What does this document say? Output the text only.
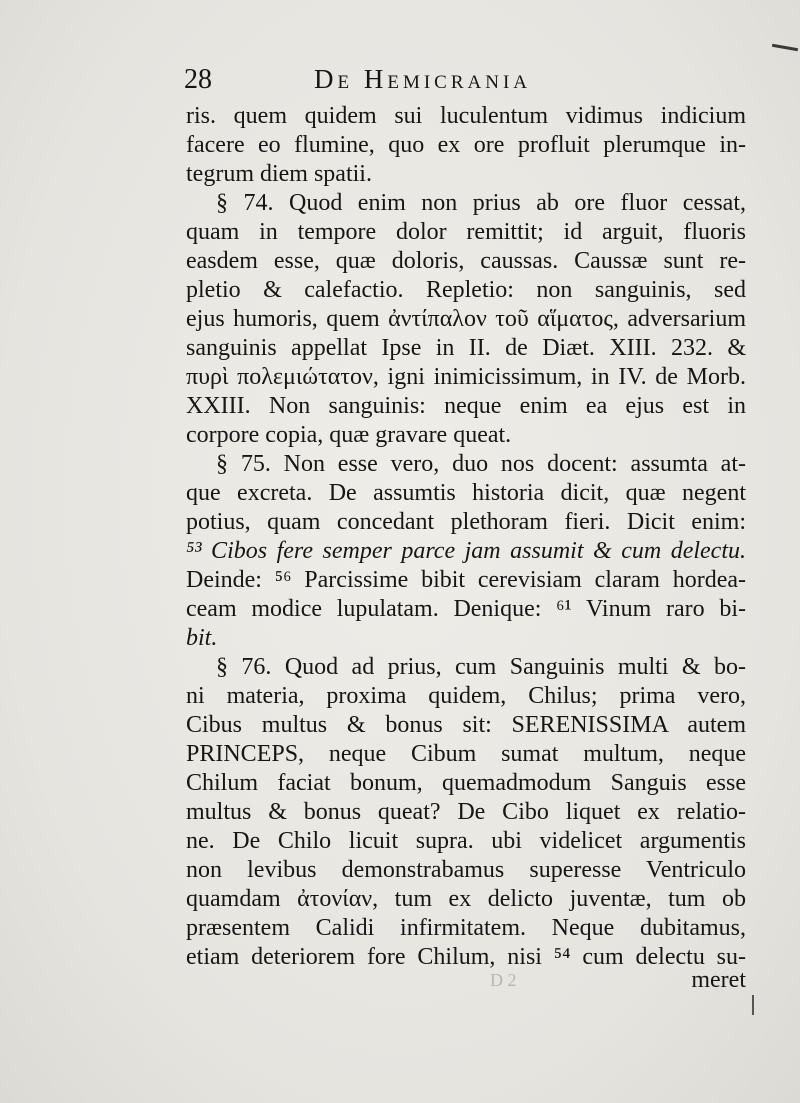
28	De Hemicrania
ris. quem quidem sui luculentum vidimus indicium
facere eo flumine, quo ex ore profluit plerumque in-
tegrum diem spatii.
§ 74. Quod enim non prius ab ore fluor cessat,
quam in tempore dolor remittit; id arguit, fluoris
easdem esse, quæ doloris, caussas. Caussæ sunt re-
pletio & calefactio. Repletio: non sanguinis, sed
ejus humoris, quem ἀντίπαλον τοῦ αἵματος, adversarium
sanguinis appellat Ipse in II. de Diæt. XIII. 232. &
πυρὶ πολεμιώτατον, igni inimicissimum, in IV. de Morb.
XXIII. Non sanguinis: neque enim ea ejus est in
corpore copia, quæ gravare queat.
§ 75. Non esse vero, duo nos docent: assumta at-
que excreta. De assumtis historia dicit, quæ negent
potius, quam concedant plethoram fieri. Dicit enim:
⁵³ Cibos fere semper parce jam assumit & cum delectu.
Deinde: ⁵⁶ Parcissime bibit cerevisiam claram hordea-
ceam modice lupulatam. Denique: ⁶¹ Vinum raro bi-
bit.
§ 76. Quod ad prius, cum Sanguinis multi & bo-
ni materia, proxima quidem, Chilus; prima vero,
Cibus multus & bonus sit: SERENISSIMA autem
PRINCEPS, neque Cibum sumat multum, neque
Chilum faciat bonum, quemadmodum Sanguis esse
multus & bonus queat? De Cibo liquet ex relatio-
ne. De Chilo licuit supra. ubi videlicet argumentis
non levibus demonstrabamus superesse Ventriculo
quamdam ἀτονίαν, tum ex delicto juventæ, tum ob
præsentem Calidi infirmitatem. Neque dubitamus,
etiam deteriorem fore Chilum, nisi ⁵⁴ cum delectu su-
D 2	meret
